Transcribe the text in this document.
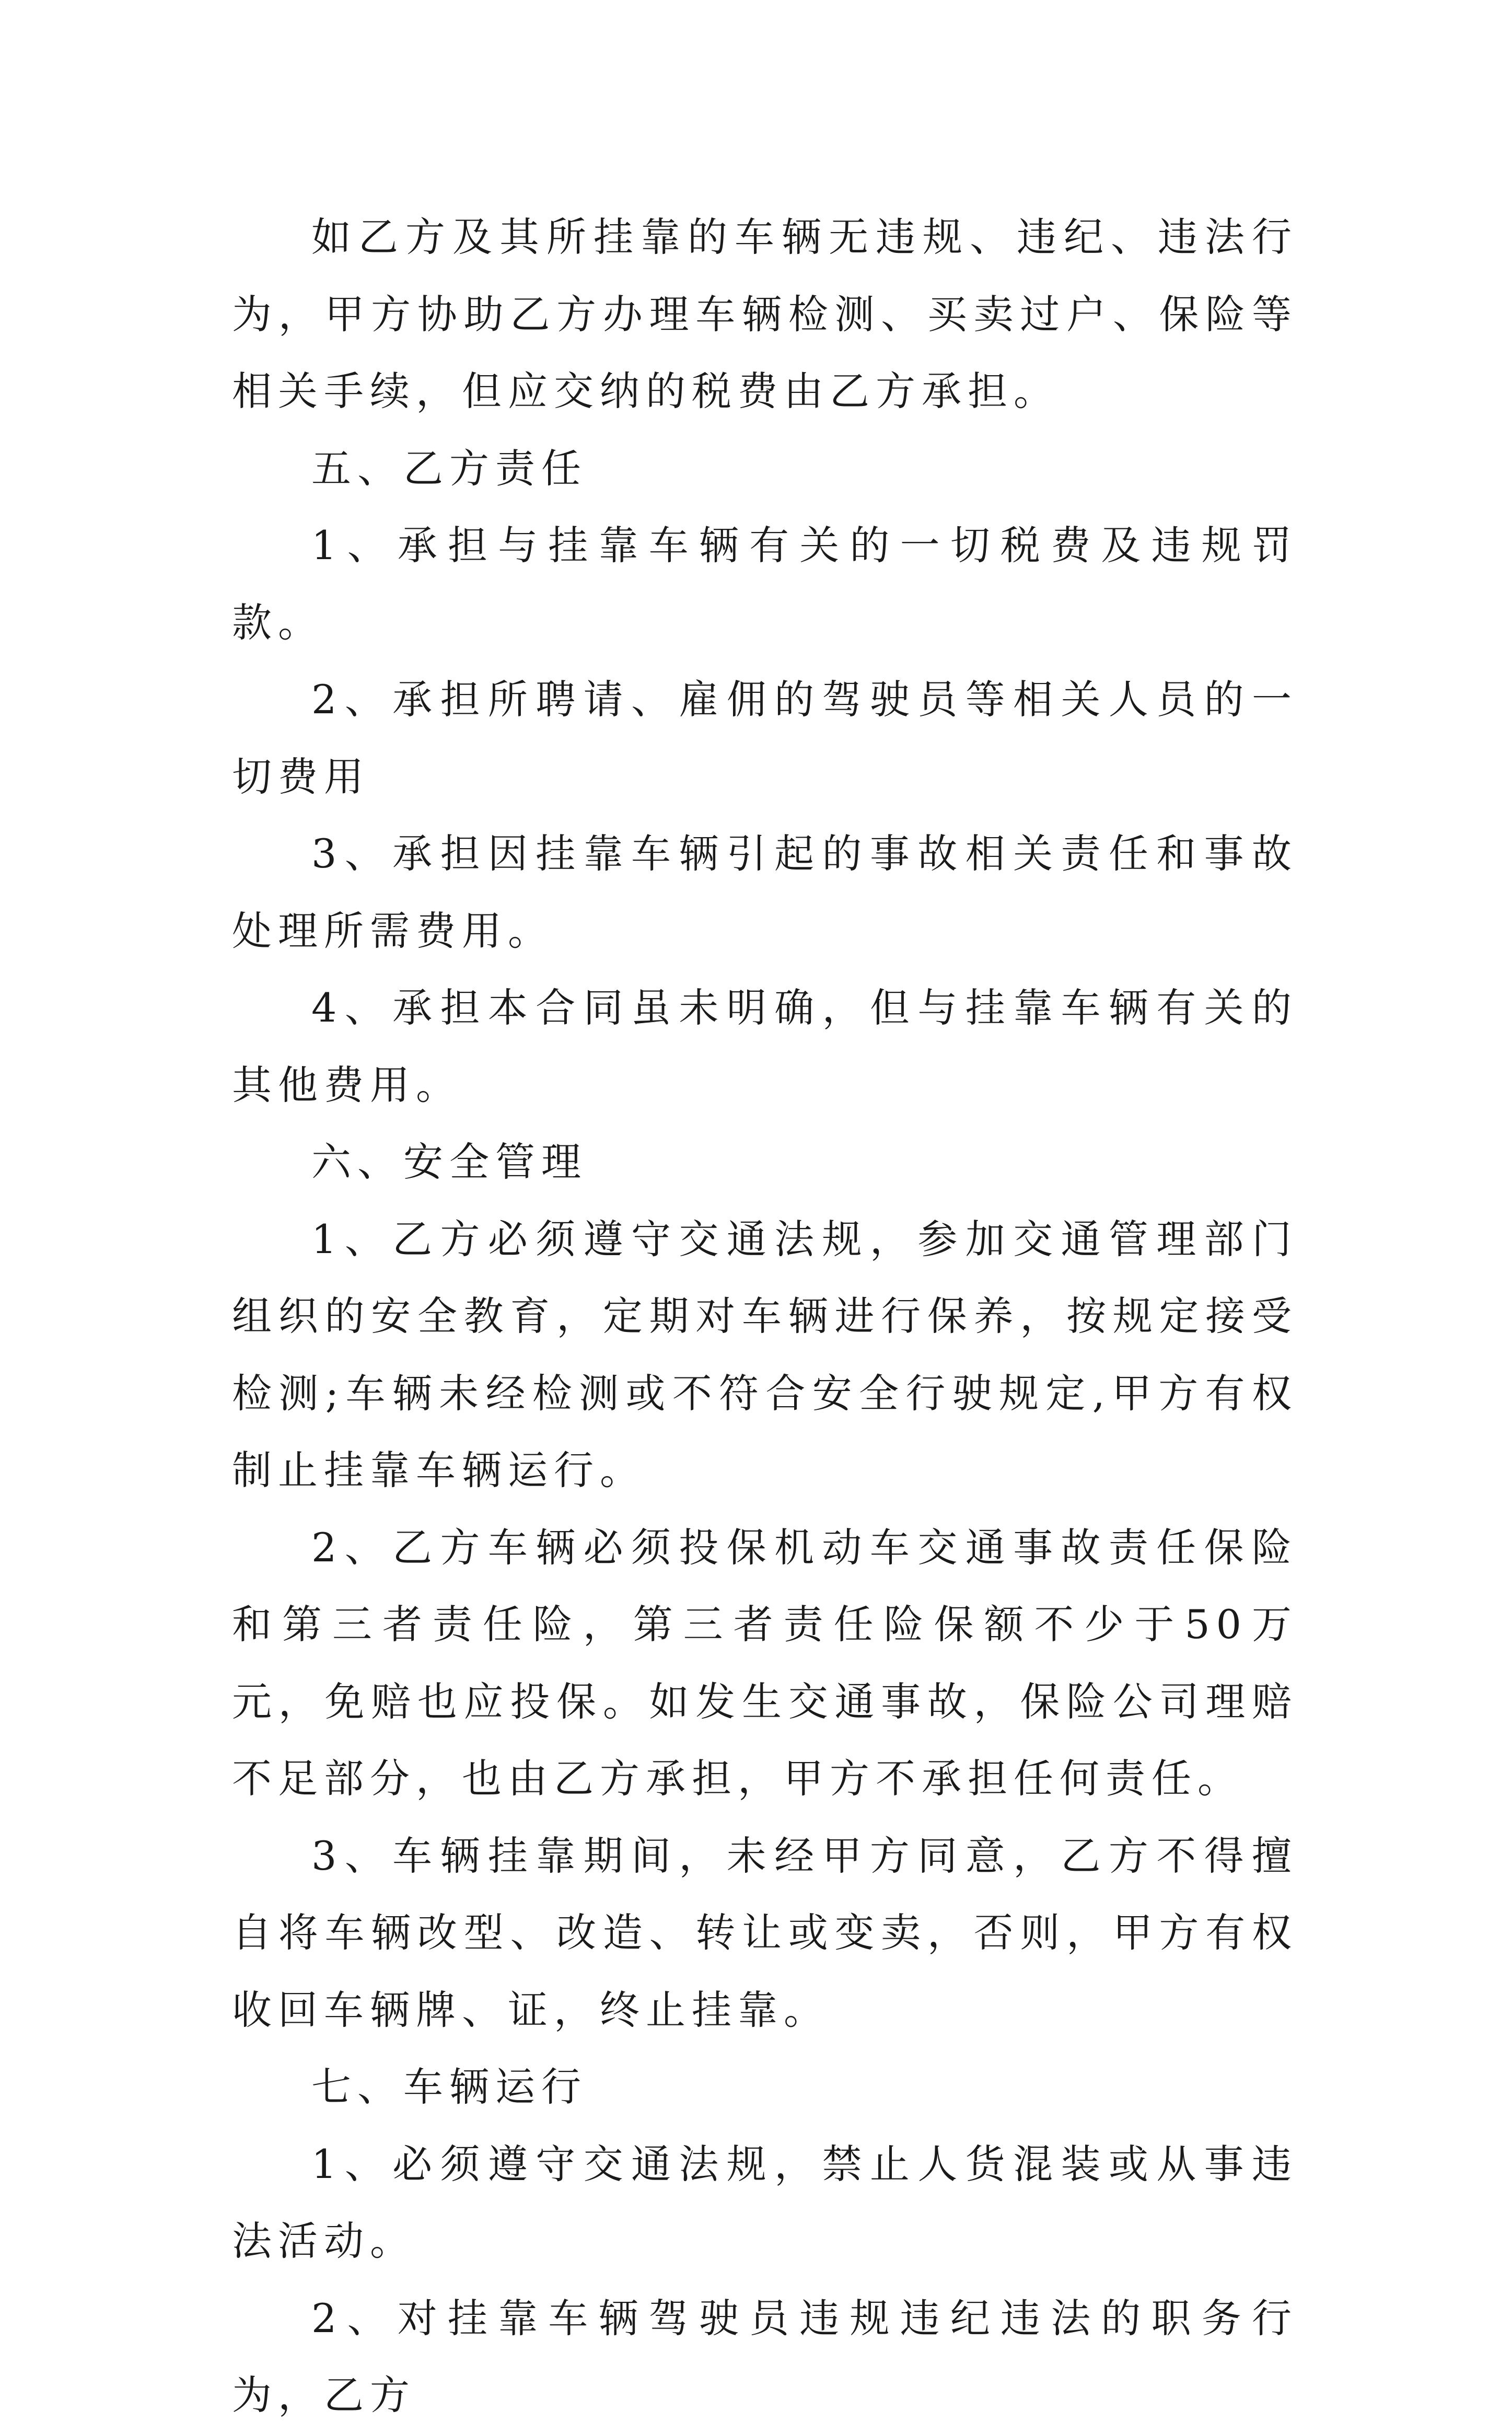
如乙方及其所挂靠的车辆无违规、违纪、违法行为，甲方协助乙方办理车辆检测、买卖过户、保险等相关手续，但应交纳的税费由乙方承担。

五、乙方责任

1、承担与挂靠车辆有关的一切税费及违规罚款。

2、承担所聘请、雇佣的驾驶员等相关人员的一切费用

3、承担因挂靠车辆引起的事故相关责任和事故处理所需费用。

4、承担本合同虽未明确，但与挂靠车辆有关的其他费用。

六、安全管理

1、乙方必须遵守交通法规，参加交通管理部门组织的安全教育，定期对车辆进行保养，按规定接受检测;车辆未经检测或不符合安全行驶规定,甲方有权制止挂靠车辆运行。

2、乙方车辆必须投保机动车交通事故责任保险和第三者责任险，第三者责任险保额不少于50万元，免赔也应投保。如发生交通事故，保险公司理赔不足部分，也由乙方承担，甲方不承担任何责任。

3、车辆挂靠期间，未经甲方同意，乙方不得擅自将车辆改型、改造、转让或变卖，否则，甲方有权收回车辆牌、证，终止挂靠。

七、车辆运行

1、必须遵守交通法规，禁止人货混装或从事违法活动。

2、对挂靠车辆驾驶员违规违纪违法的职务行为，乙方
